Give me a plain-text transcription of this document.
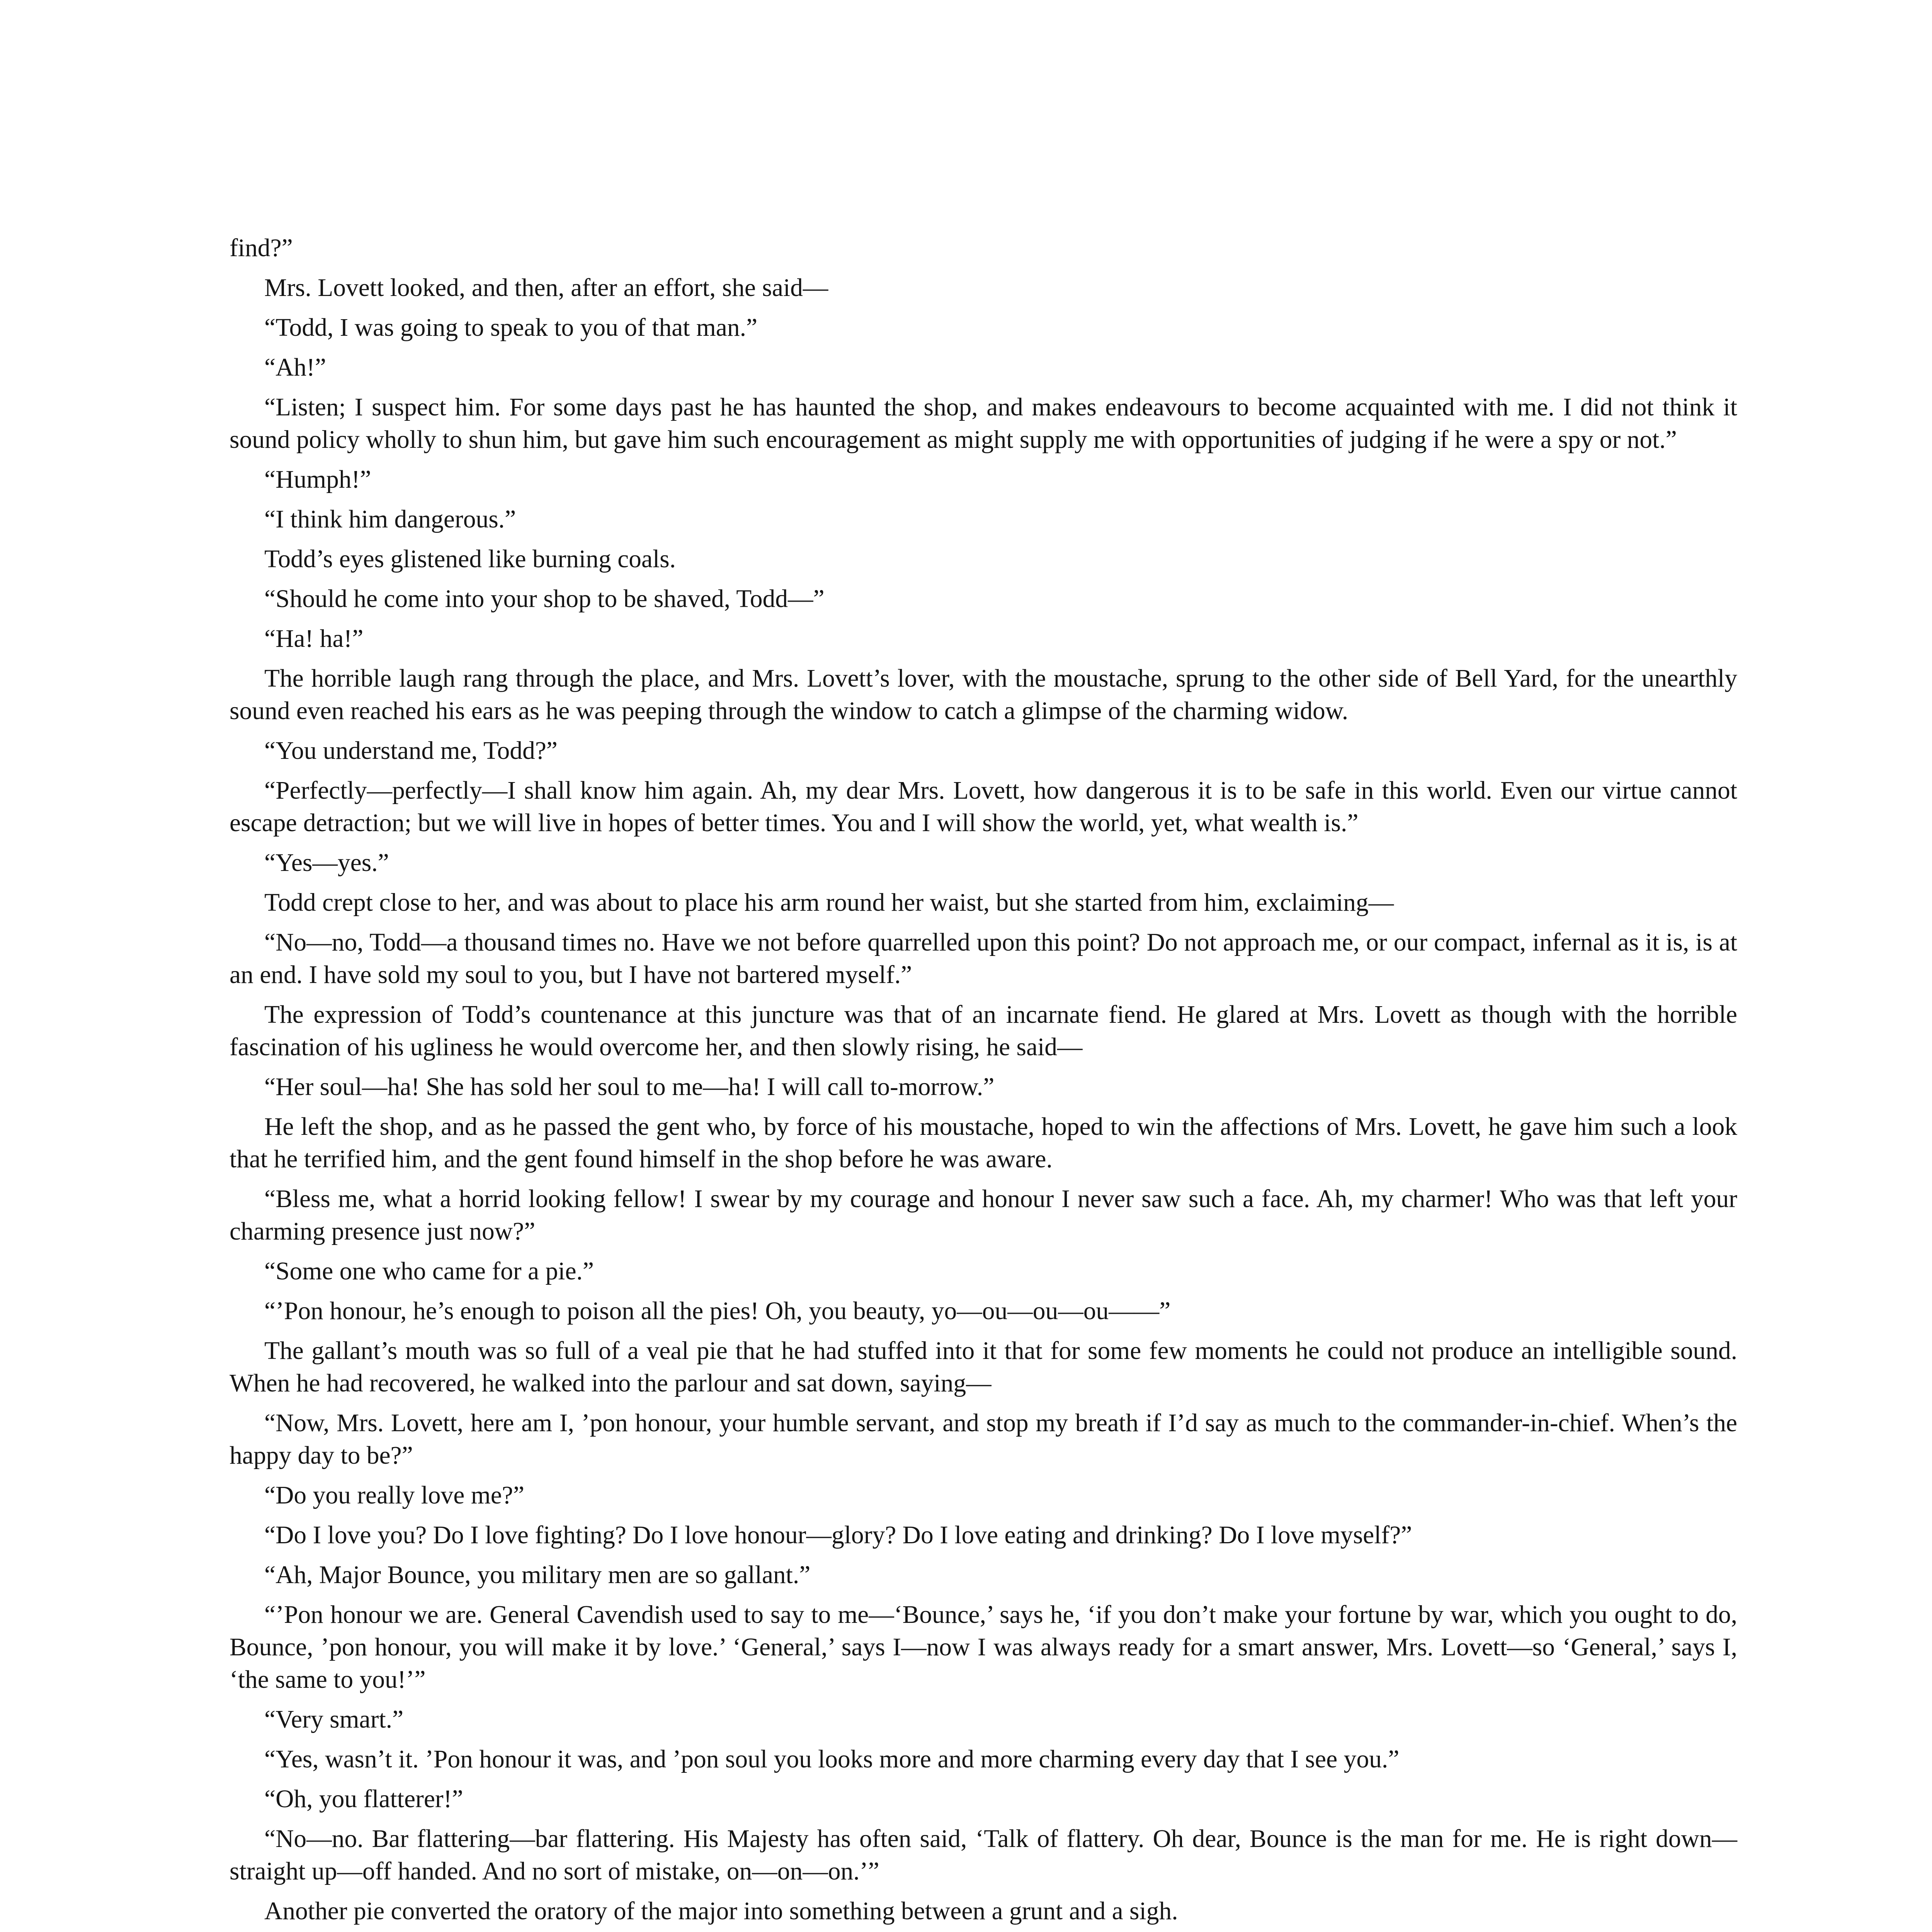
find?”

Mrs. Lovett looked, and then, after an effort, she said—

“Todd, I was going to speak to you of that man.”

“Ah!”

“Listen; I suspect him. For some days past he has haunted the shop, and makes endeavours to become acquainted with me. I did not think it sound policy wholly to shun him, but gave him such encouragement as might supply me with opportunities of judging if he were a spy or not.”

“Humph!”

“I think him dangerous.”

Todd’s eyes glistened like burning coals.

“Should he come into your shop to be shaved, Todd—”

“Ha! ha!”

The horrible laugh rang through the place, and Mrs. Lovett’s lover, with the moustache, sprung to the other side of Bell Yard, for the unearthly sound even reached his ears as he was peeping through the window to catch a glimpse of the charming widow.

“You understand me, Todd?”

“Perfectly—perfectly—I shall know him again. Ah, my dear Mrs. Lovett, how dangerous it is to be safe in this world. Even our virtue cannot escape detraction; but we will live in hopes of better times. You and I will show the world, yet, what wealth is.”

“Yes—yes.”

Todd crept close to her, and was about to place his arm round her waist, but she started from him, exclaiming—

“No—no, Todd—a thousand times no. Have we not before quarrelled upon this point? Do not approach me, or our compact, infernal as it is, is at an end. I have sold my soul to you, but I have not bartered myself.”

The expression of Todd’s countenance at this juncture was that of an incarnate fiend. He glared at Mrs. Lovett as though with the horrible fascination of his ugliness he would overcome her, and then slowly rising, he said—

“Her soul—ha! She has sold her soul to me—ha! I will call to-morrow.”

He left the shop, and as he passed the gent who, by force of his moustache, hoped to win the affections of Mrs. Lovett, he gave him such a look that he terrified him, and the gent found himself in the shop before he was aware.

“Bless me, what a horrid looking fellow! I swear by my courage and honour I never saw such a face. Ah, my charmer! Who was that left your charming presence just now?”

“Some one who came for a pie.”

“’Pon honour, he’s enough to poison all the pies! Oh, you beauty, yo—ou—ou—ou——”

The gallant’s mouth was so full of a veal pie that he had stuffed into it that for some few moments he could not produce an intelligible sound. When he had recovered, he walked into the parlour and sat down, saying—

“Now, Mrs. Lovett, here am I, ’pon honour, your humble servant, and stop my breath if I’d say as much to the commander-in-chief. When’s the happy day to be?”

“Do you really love me?”

“Do I love you? Do I love fighting? Do I love honour—glory? Do I love eating and drinking? Do I love myself?”

“Ah, Major Bounce, you military men are so gallant.”

“’Pon honour we are. General Cavendish used to say to me—‘Bounce,’ says he, ‘if you don’t make your fortune by war, which you ought to do, Bounce, ’pon honour, you will make it by love.’ ‘General,’ says I—now I was always ready for a smart answer, Mrs. Lovett—so ‘General,’ says I, ‘the same to you!’”

“Very smart.”

“Yes, wasn’t it. ’Pon honour it was, and ’pon soul you looks more and more charming every day that I see you.”

“Oh, you flatterer!”

“No—no. Bar flattering—bar flattering. His Majesty has often said, ‘Talk of flattery. Oh dear, Bounce is the man for me. He is right down—straight up—off handed. And no sort of mistake, on—on—on.’”

Another pie converted the oratory of the major into something between a grunt and a sigh.
